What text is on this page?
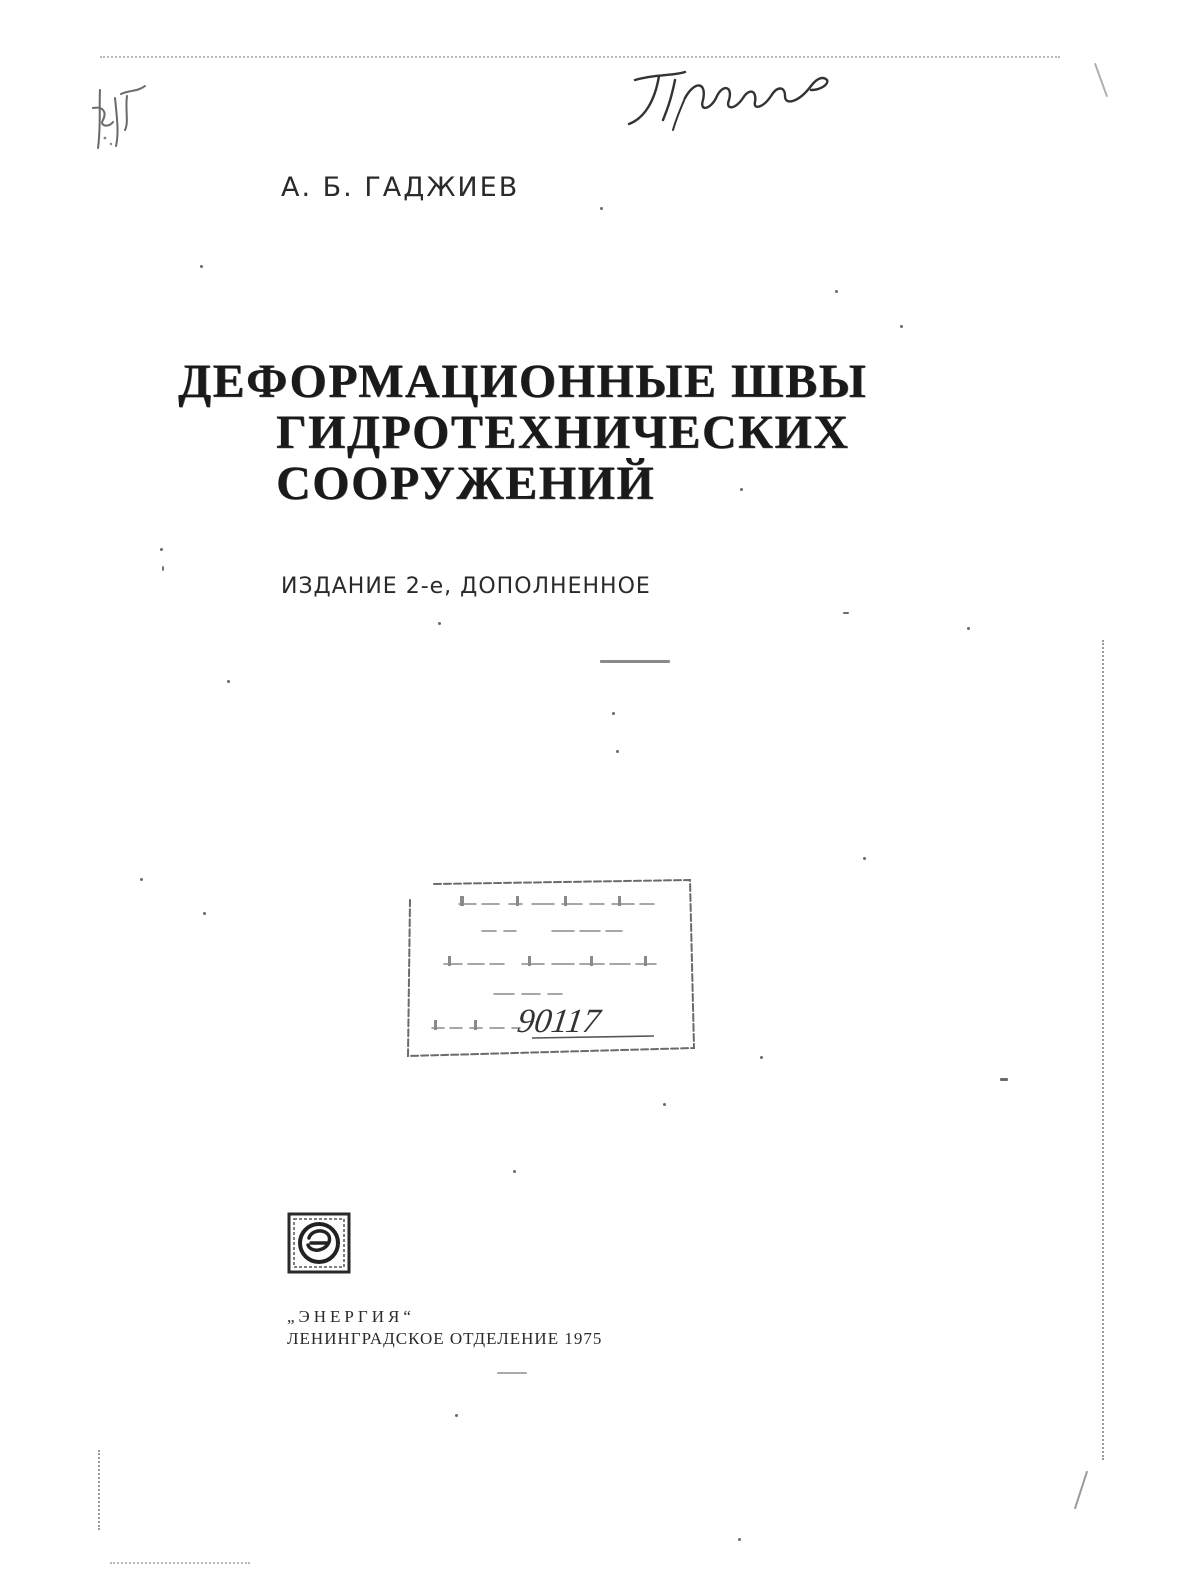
А. Б. ГАДЖИЕВ
ДЕФОРМАЦИОННЫЕ ШВЫ
ГИДРОТЕХНИЧЕСКИХ
СООРУЖЕНИЙ
ИЗДАНИЕ 2-е, ДОПОЛНЕННОЕ
90117
„ЭНЕРГИЯ“
ЛЕНИНГРАДСКОЕ ОТДЕЛЕНИЕ 1975
